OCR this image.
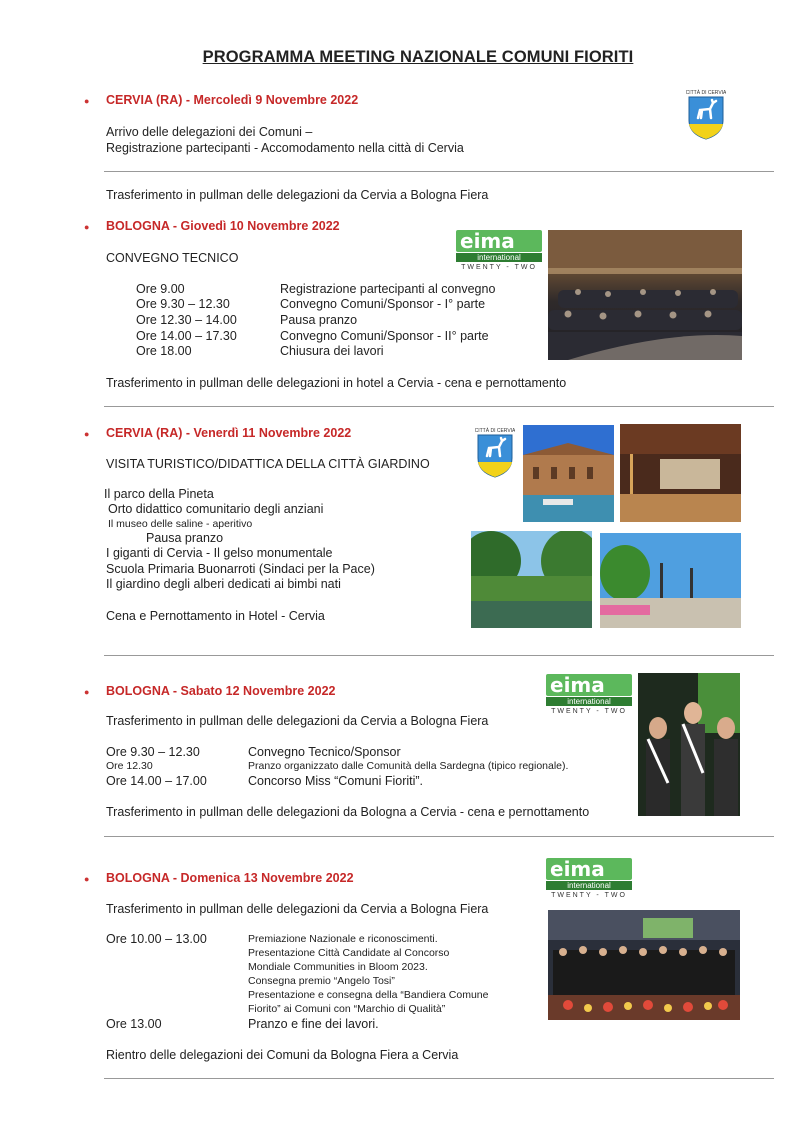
PROGRAMMA MEETING NAZIONALE COMUNI FIORITI
● CERVIA (RA) - Mercoledì 9 Novembre 2022
Arrivo delle delegazioni dei Comuni –
Registrazione partecipanti - Accomodamento nella città di Cervia
CITTÀ DI CERVIA
Trasferimento in pullman delle delegazioni da Cervia a Bologna Fiera
● BOLOGNA - Giovedì 10 Novembre 2022
CONVEGNO TECNICO
Ore 9.00	Registrazione partecipanti al convegno
Ore 9.30 – 12.30	Convegno Comuni/Sponsor - I° parte
Ore 12.30 – 14.00	Pausa pranzo
Ore 14.00 – 17.30	Convegno Comuni/Sponsor - II° parte
Ore 18.00	Chiusura dei lavori
eima
international
TWENTY - TWO
Trasferimento in pullman delle delegazioni in hotel a Cervia - cena e pernottamento
● CERVIA (RA) - Venerdì 11 Novembre 2022
VISITA TURISTICO/DIDATTICA DELLA CITTÀ GIARDINO
Il parco della Pineta
Orto didattico comunitario degli anziani
Il museo delle saline - aperitivo
Pausa pranzo
I giganti di Cervia - Il gelso monumentale
Scuola Primaria Buonarroti (Sindaci per la Pace)
Il giardino degli alberi dedicati ai bimbi nati
Cena e Pernottamento in Hotel - Cervia
CITTÀ DI CERVIA
● BOLOGNA - Sabato 12 Novembre 2022
Trasferimento in pullman delle delegazioni da Cervia a Bologna Fiera
Ore 9.30 – 12.30	Convegno Tecnico/Sponsor
Ore 12.30	Pranzo organizzato dalle Comunità della Sardegna (tipico regionale).
Ore 14.00 – 17.00	Concorso Miss “Comuni Fioriti”.
Trasferimento in pullman delle delegazioni da Bologna a Cervia - cena e pernottamento
eima
international
TWENTY - TWO
● BOLOGNA - Domenica 13 Novembre 2022
Trasferimento in pullman delle delegazioni da Cervia a Bologna Fiera
Ore 10.00 – 13.00	Premiazione Nazionale e riconoscimenti.
Presentazione Città Candidate al Concorso
Mondiale Communities in Bloom 2023.
Consegna premio “Angelo Tosi”
Presentazione e consegna della “Bandiera Comune
Fiorito” ai Comuni con “Marchio di Qualità”
Ore 13.00	Pranzo e fine dei lavori.
Rientro delle delegazioni dei Comuni da Bologna Fiera a Cervia
eima
international
TWENTY - TWO
